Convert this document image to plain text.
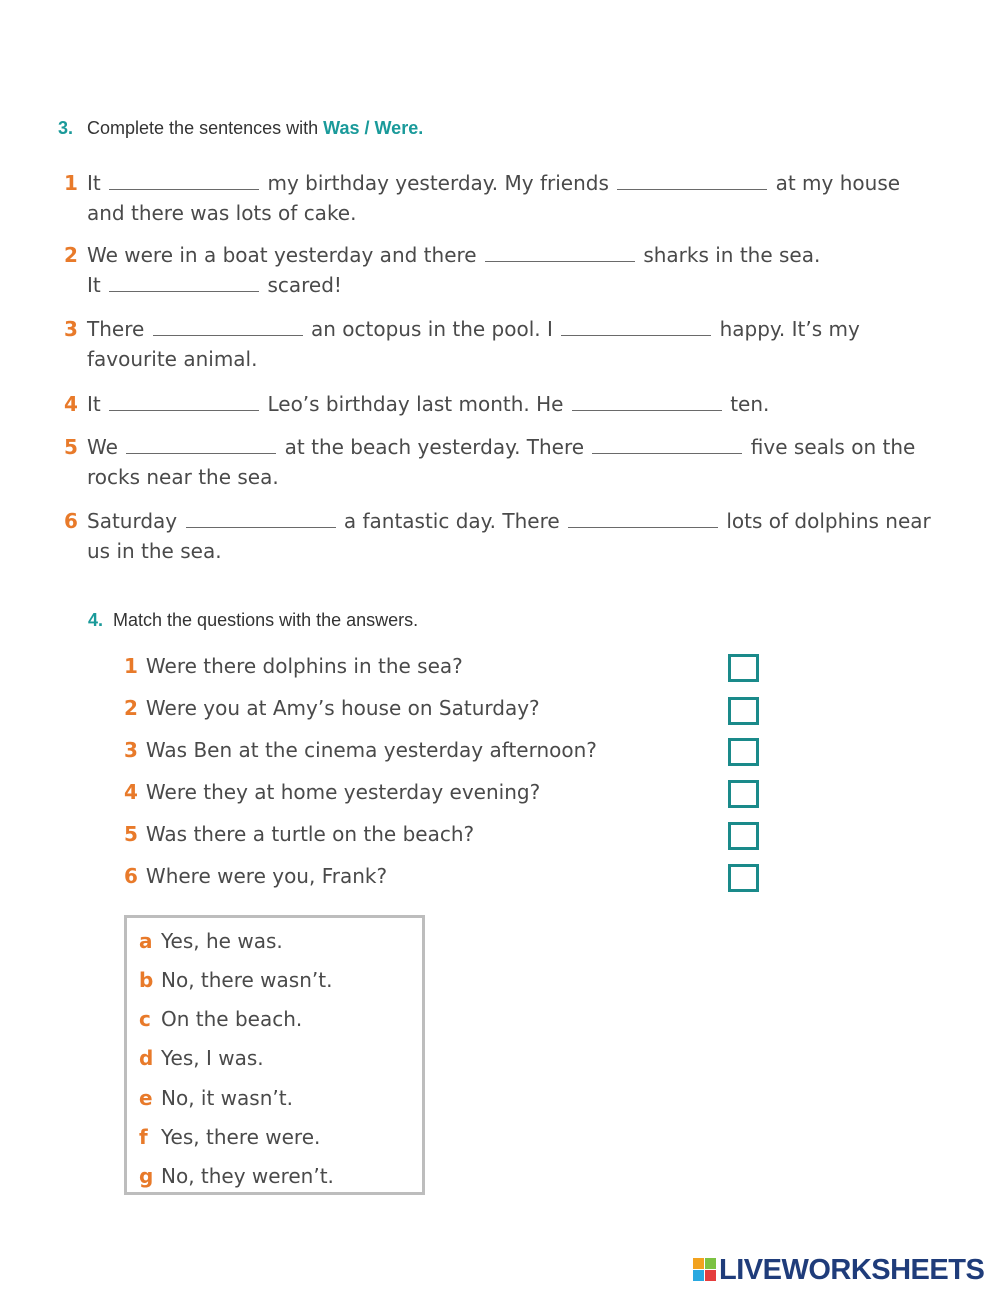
3. Complete the sentences with Was / Were.
1 It	my birthday yesterday. My friends	at my house and there was lots of cake.
2 We were in a boat yesterday and there	sharks in the sea.
It	scared!
3 There	an octopus in the pool. I	happy. It’s my favourite animal.
4 It	Leo’s birthday last month. He	ten.
5 We	at the beach yesterday. There	five seals on the rocks near the sea.
6 Saturday	a fantastic day. There	lots of dolphins near us in the sea.
4. Match the questions with the answers.
1 Were there dolphins in the sea?
2 Were you at Amy’s house on Saturday?
3 Was Ben at the cinema yesterday afternoon?
4 Were they at home yesterday evening?
5 Was there a turtle on the beach?
6 Where were you, Frank?
a Yes, he was.
b No, there wasn’t.
c On the beach.
d Yes, I was.
e No, it wasn’t.
f Yes, there were.
g No, they weren’t.
LIVEWORKSHEETS
